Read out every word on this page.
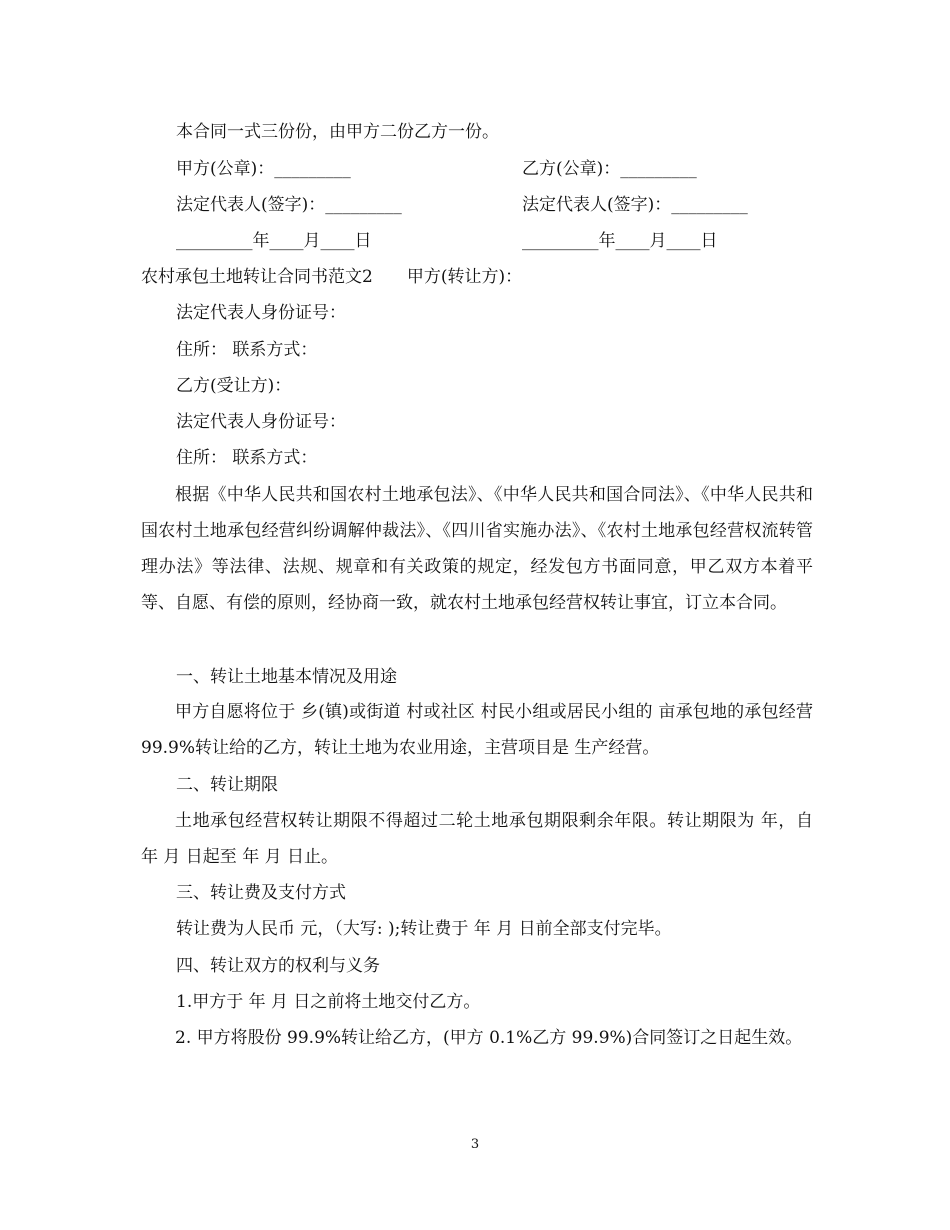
本合同一式三份份，由甲方二份乙方一份。
甲方(公章)：_________	乙方(公章)：_________
法定代表人(签字)：_________	法定代表人(签字)：_________
_________年____月____日	_________年____月____日
农村承包土地转让合同书范文2　　甲方(转让方)：
法定代表人身份证号：
住所： 联系方式：
乙方(受让方)：
法定代表人身份证号：
住所： 联系方式：
根据《中华人民共和国农村土地承包法》、《中华人民共和国合同法》、《中华人民共和国农村土地承包经营纠纷调解仲裁法》、《四川省实施办法》、《农村土地承包经营权流转管理办法》等法律、法规、规章和有关政策的规定，经发包方书面同意，甲乙双方本着平等、自愿、有偿的原则，经协商一致，就农村土地承包经营权转让事宜，订立本合同。
一、转让土地基本情况及用途
甲方自愿将位于 乡(镇)或街道 村或社区 村民小组或居民小组的 亩承包地的承包经营 99.9%转让给的乙方，转让土地为农业用途，主营项目是 生产经营。
二、转让期限
土地承包经营权转让期限不得超过二轮土地承包期限剩余年限。转让期限为 年，自 年 月 日起至 年 月 日止。
三、转让费及支付方式
转让费为人民币 元，（大写: );转让费于 年 月 日前全部支付完毕。
四、转让双方的权利与义务
1.甲方于 年 月 日之前将土地交付乙方。
2. 甲方将股份 99.9%转让给乙方，(甲方 0.1%乙方 99.9%)合同签订之日起生效。
3
